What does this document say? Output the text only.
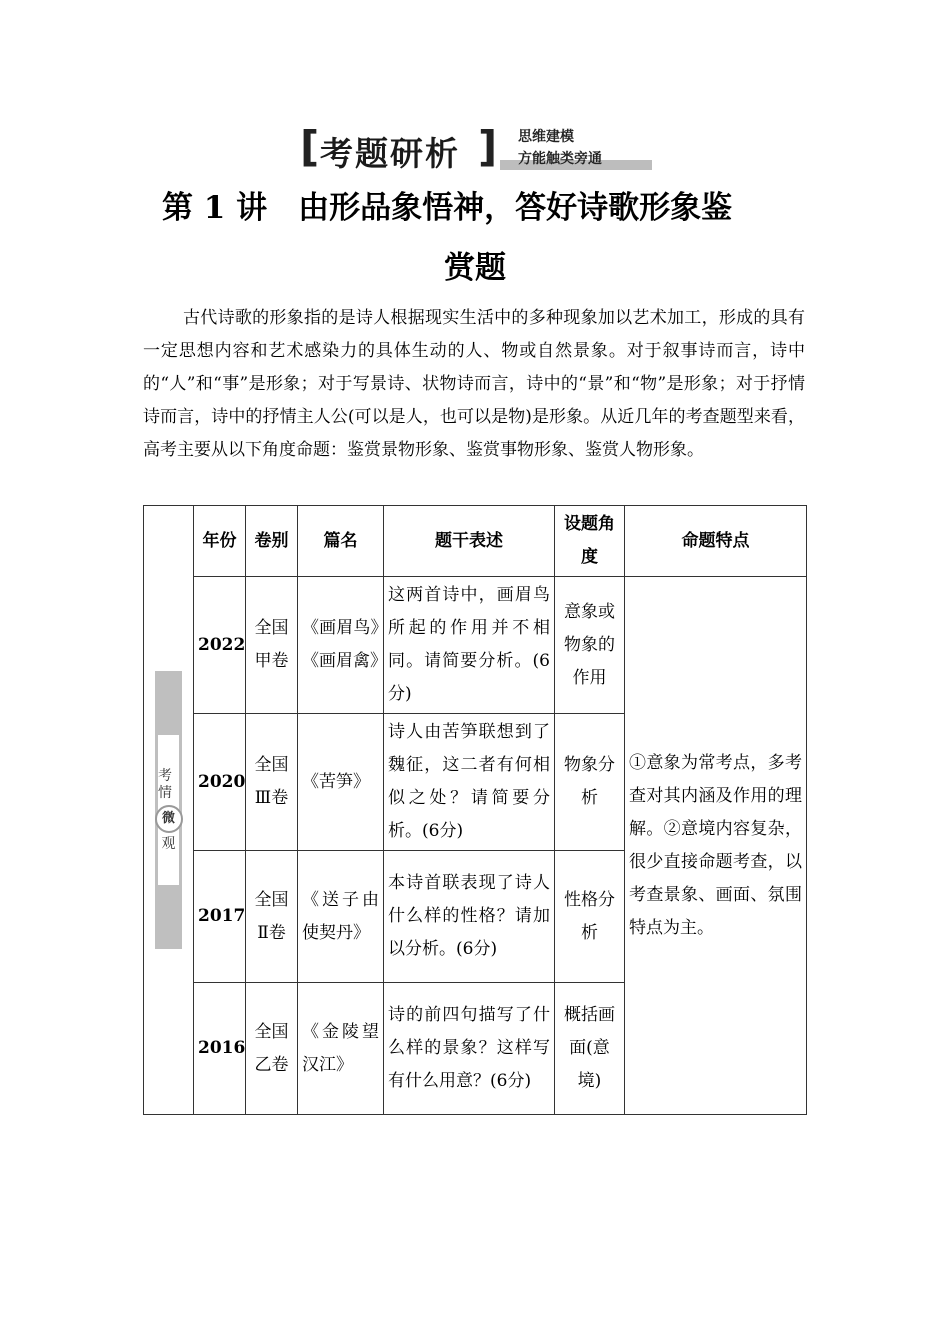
[ 考题研析 ] 思维建模
方能触类旁通
第 1 讲　由形品象悟神，答好诗歌形象鉴
赏题
古代诗歌的形象指的是诗人根据现实生活中的多种现象加以艺术加工，形成的具有一定思想内容和艺术感染力的具体生动的人、物或自然景象。对于叙事诗而言，诗中的“人”和“事”是形象；对于写景诗、状物诗而言，诗中的“景”和“物”是形象；对于抒情诗而言，诗中的抒情主人公(可以是人，也可以是物)是形象。从近几年的考查题型来看，高考主要从以下角度命题：鉴赏景物形象、鉴赏事物形象、鉴赏人物形象。
考情
微
观	年份	卷别	篇名	题干表述	设题角度	命题特点
	2022	全国甲卷	《画眉鸟》《画眉禽》	这两首诗中，画眉鸟所起的作用并不相同。请简要分析。(6分)	意象或物象的作用	①意象为常考点，多考查对其内涵及作用的理解。②意境内容复杂，很少直接命题考查，以考查景象、画面、氛围特点为主。
	2020	全国Ⅲ卷	《苦笋》	诗人由苦笋联想到了魏征，这二者有何相似之处？请简要分析。(6分)	物象分析	
	2017	全国Ⅱ卷	《送子由使契丹》	本诗首联表现了诗人什么样的性格？请加以分析。(6分)	性格分析	
	2016	全国乙卷	《金陵望汉江》	诗的前四句描写了什么样的景象？这样写有什么用意？(6分)	概括画面(意境)	
